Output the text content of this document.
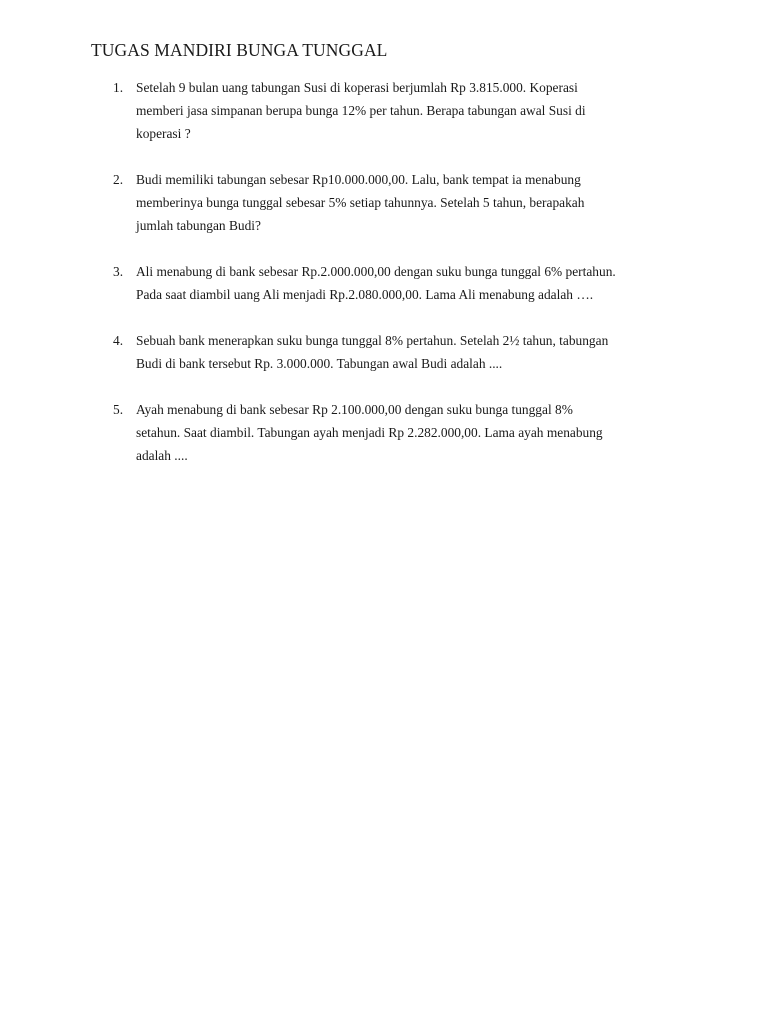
TUGAS MANDIRI BUNGA TUNGGAL
1. Setelah 9 bulan uang tabungan Susi di koperasi berjumlah Rp 3.815.000. Koperasi
memberi jasa simpanan berupa bunga 12% per tahun. Berapa tabungan awal Susi di
koperasi ?

2. Budi memiliki tabungan sebesar Rp10.000.000,00. Lalu, bank tempat ia menabung
memberinya bunga tunggal sebesar 5% setiap tahunnya. Setelah 5 tahun, berapakah
jumlah tabungan Budi?

3. Ali menabung di bank sebesar Rp.2.000.000,00 dengan suku bunga tunggal 6% pertahun.
Pada saat diambil uang Ali menjadi Rp.2.080.000,00. Lama Ali menabung adalah ….

4. Sebuah bank menerapkan suku bunga tunggal 8% pertahun. Setelah 2½ tahun, tabungan
Budi di bank tersebut Rp. 3.000.000. Tabungan awal Budi adalah ....

5. Ayah menabung di bank sebesar Rp 2.100.000,00 dengan suku bunga tunggal 8%
setahun. Saat diambil. Tabungan ayah menjadi Rp 2.282.000,00. Lama ayah menabung
adalah ....
